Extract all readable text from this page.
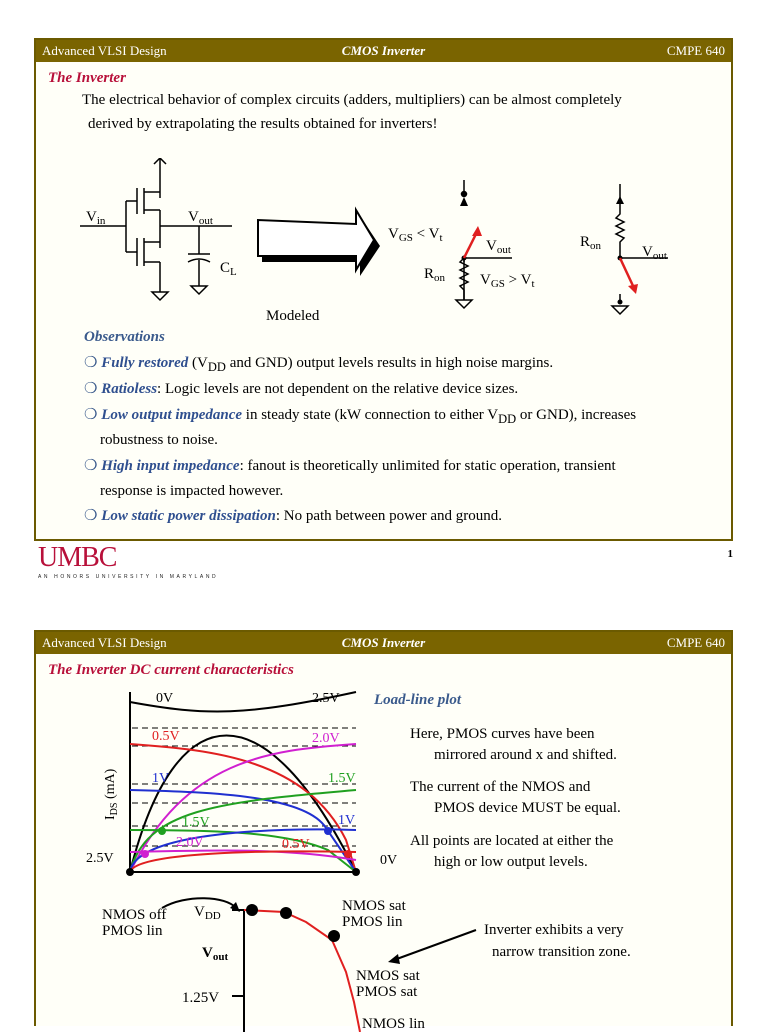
Advanced VLSI Design	CMOS Inverter	CMPE 640
The Inverter
The electrical behavior of complex circuits (adders, multipliers) can be almost completely
derived by extrapolating the results obtained for inverters!
$V_{in}$	$V_{out}$
$C_L$
Modeled
$V_{GS} < V_t$	$V_{out}$
$R_{on}$ $V_{GS} > V_t$
$R_{on}$	$V_{out}$
Observations
❍ Fully restored ($V_{DD}$ and GND) output levels results in high noise margins.
❍ Ratioless: Logic levels are not dependent on the relative device sizes.
❍ Low output impedance in steady state (kW connection to either $V_{DD}$ or GND), increases
robustness to noise.
❍ High input impedance: fanout is theoretically unlimited for static operation, transient
response is impacted however.
❍ Low static power dissipation: No path between power and ground.
UMBC
AN HONORS UNIVERSITY IN MARYLAND
1
Advanced VLSI Design	CMOS Inverter	CMPE 640
The Inverter DC current characteristics
$I_{DS}$ (mA)
0V	2.5V
0.5V	2.0V
1V	1.5V
1.5V	1V
2.0V	0.5V
2.5V	0V
Load-line plot
Here, PMOS curves have been
mirrored around x and shifted.
The current of the NMOS and
PMOS device MUST be equal.
All points are located at either the
high or low output levels.
$V_{DD}$
$V_{out}$
1.25V
NMOS off
PMOS lin
NMOS sat
PMOS lin
NMOS sat
PMOS sat
NMOS lin
Inverter exhibits a very
narrow transition zone.
